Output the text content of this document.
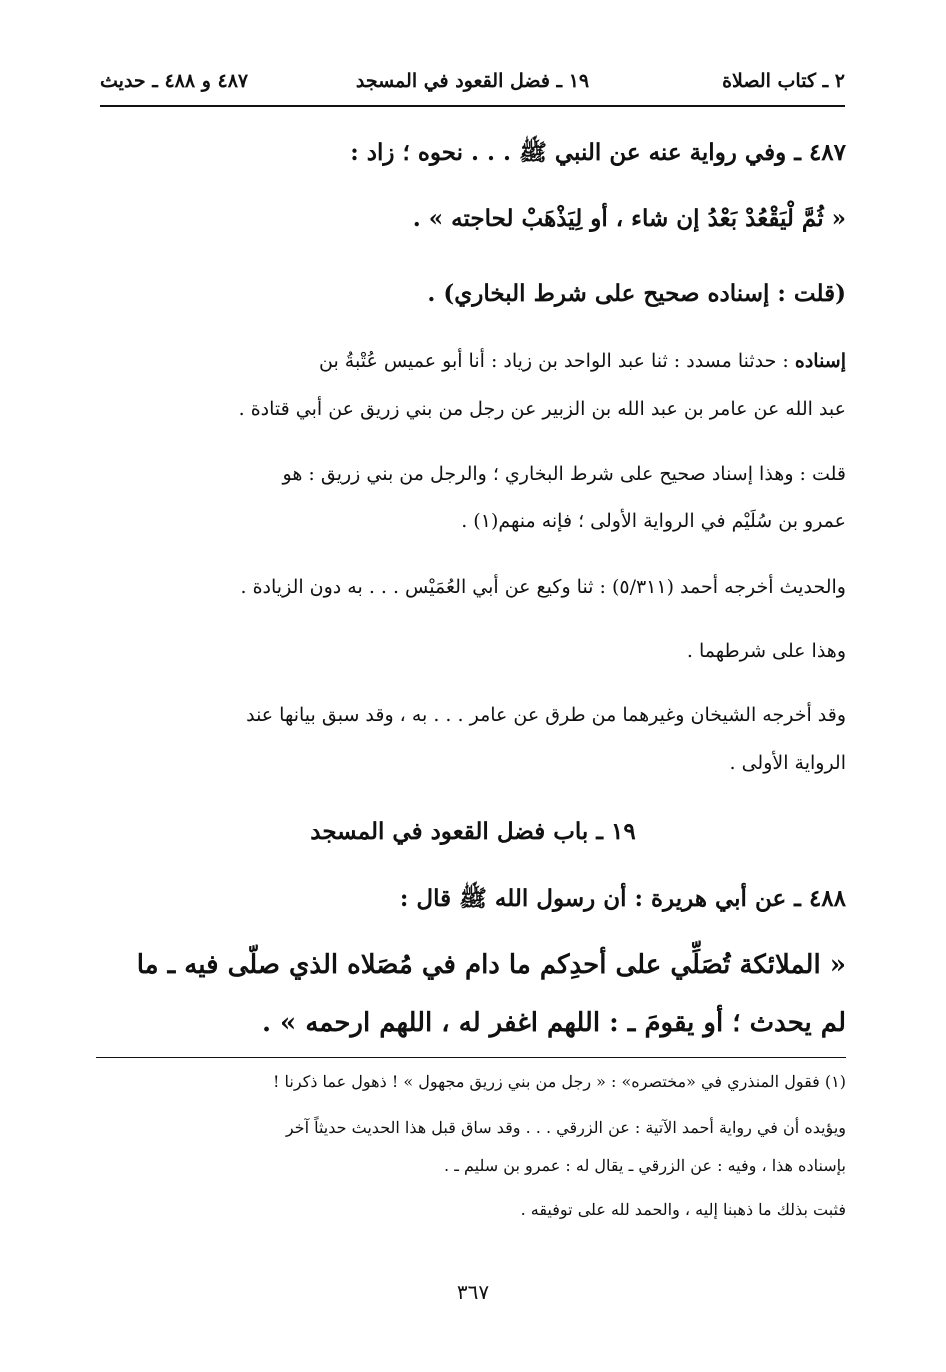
٢ ـ كتاب الصلاة
١٩ ـ فضل القعود في المسجد
٤٨٧ و ٤٨٨ ـ حديث
٤٨٧ ـ وفي رواية عنه عن النبي ﷺ . . . نحوه ؛ زاد :
« ثُمَّ لْيَقْعُدْ بَعْدُ إن شاء ، أو لِيَذْهَبْ لحاجته » .
(قلت : إسناده صحيح على شرط البخاري) .
إسناده : حدثنا مسدد : ثنا عبد الواحد بن زياد : أنا أبو عميس عُتْبةُ بن
عبد الله عن عامر بن عبد الله بن الزبير عن رجل من بني زريق عن أبي قتادة .
قلت : وهذا إسناد صحيح على شرط البخاري ؛ والرجل من بني زريق : هو
عمرو بن سُلَيْم في الرواية الأولى ؛ فإنه منهم(١) .
والحديث أخرجه أحمد (٥/٣١١) : ثنا وكيع عن أبي العُمَيْس . . . به دون الزيادة .
وهذا على شرطهما .
وقد أخرجه الشيخان وغيرهما من طرق عن عامر . . . به ، وقد سبق بيانها عند
الرواية الأولى .
١٩ ـ باب فضل القعود في المسجد
٤٨٨ ـ عن أبي هريرة : أن رسول الله ﷺ قال :
« الملائكة تُصَلِّي على أحدِكم ما دام في مُصَلاه الذي صلّى فيه ـ ما
لم يحدث ؛ أو يقومَ ـ : اللهم اغفر له ، اللهم ارحمه » .
(١) فقول المنذري في «مختصره» : « رجل من بني زريق مجهول » ! ذهول عما ذكرنا !
ويؤيده أن في رواية أحمد الآتية : عن الزرقي . . . وقد ساق قبل هذا الحديث حديثاً آخر
بإسناده هذا ، وفيه : عن الزرقي ـ يقال له : عمرو بن سليم ـ .
فثبت بذلك ما ذهبنا إليه ، والحمد لله على توفيقه .
٣٦٧
